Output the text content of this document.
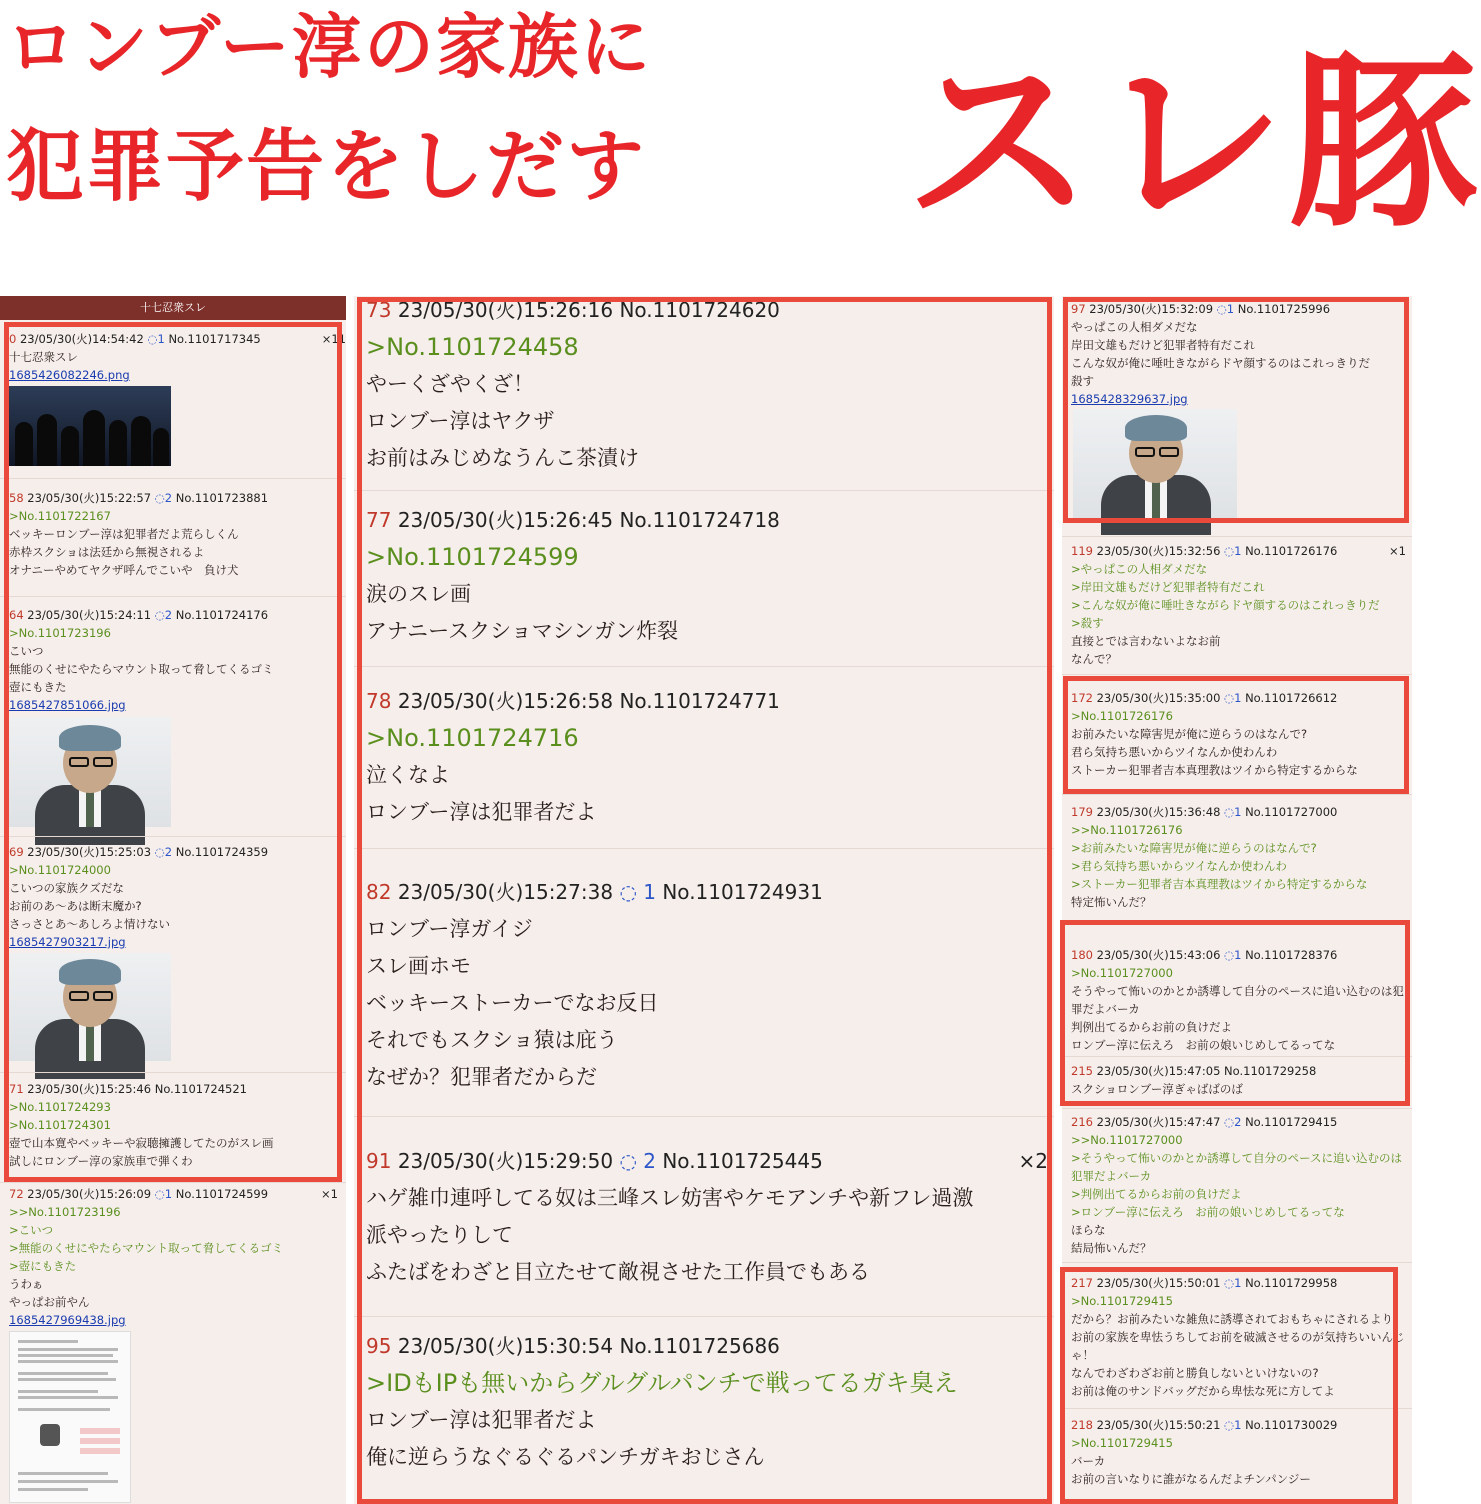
ロンブー淳の家族に
犯罪予告をしだす スレ豚
十七忍衆スレ
0 23/05/30(火)14:54:42 ◌1 No.1101717345	×11
十七忍衆スレ
1685426082246.png
58 23/05/30(火)15:22:57 ◌2 No.1101723881
>No.1101722167
ベッキーロンブー淳は犯罪者だよ荒らしくん
赤枠スクショは法廷から無視されるよ
オナニーやめてヤクザ呼んでこいや　負け犬
64 23/05/30(火)15:24:11 ◌2 No.1101724176
>No.1101723196
こいつ
無能のくせにやたらマウント取って脅してくるゴミ
壺にもきた
1685427851066.jpg
69 23/05/30(火)15:25:03 ◌2 No.1101724359
>No.1101724000
こいつの家族クズだな
お前のあ〜あは断末魔か?
さっさとあ〜あしろよ情けない
1685427903217.jpg
71 23/05/30(火)15:25:46 No.1101724521
>No.1101724293
>No.1101724301
壺で山本寛やベッキーや寂聴擁護してたのがスレ画
試しにロンブー淳の家族車で弾くわ
72 23/05/30(火)15:26:09 ◌1 No.1101724599	×1
>>No.1101723196
>こいつ
>無能のくせにやたらマウント取って脅してくるゴミ
>壺にもきた
うわぁ
やっぱお前やん
1685427969438.jpg
73 23/05/30(火)15:26:16 No.1101724620
>No.1101724458
やーくざやくざ！
ロンブー淳はヤクザ
お前はみじめなうんこ茶漬け
77 23/05/30(火)15:26:45 No.1101724718
>No.1101724599
涙のスレ画
アナニースクショマシンガン炸裂
78 23/05/30(火)15:26:58 No.1101724771
>No.1101724716
泣くなよ
ロンブー淳は犯罪者だよ
82 23/05/30(火)15:27:38 ◌ 1 No.1101724931
ロンブー淳ガイジ
スレ画ホモ
ベッキーストーカーでなお反日
それでもスクショ猿は庇う
なぜか？犯罪者だからだ
91 23/05/30(火)15:29:50 ◌ 2 No.1101725445	×2
ハゲ雑巾連呼してる奴は三峰スレ妨害やケモアンチや新フレ過激
派やったりして
ふたばをわざと目立たせて敵視させた工作員でもある
95 23/05/30(火)15:30:54 No.1101725686
>IDもIPも無いからグルグルパンチで戦ってるガキ臭え
ロンブー淳は犯罪者だよ
俺に逆らうなぐるぐるパンチガキおじさん
97 23/05/30(火)15:32:09 ◌1 No.1101725996
やっぱこの人相ダメだな
岸田文雄もだけど犯罪者特有だこれ
こんな奴が俺に唾吐きながらドヤ顔するのはこれっきりだ
殺す
1685428329637.jpg
119 23/05/30(火)15:32:56 ◌1 No.1101726176	×1
>やっぱこの人相ダメだな
>岸田文雄もだけど犯罪者特有だこれ
>こんな奴が俺に唾吐きながらドヤ顔するのはこれっきりだ
>殺す
直接とでは言わないよなお前
なんで？
172 23/05/30(火)15:35:00 ◌1 No.1101726612
>No.1101726176
お前みたいな障害児が俺に逆らうのはなんで?
君ら気持ち悪いからツイなんか使わんわ
ストーカー犯罪者吉本真理教はツイから特定するからな
179 23/05/30(火)15:36:48 ◌1 No.1101727000
>>No.1101726176
>お前みたいな障害児が俺に逆らうのはなんで?
>君ら気持ち悪いからツイなんか使わんわ
>ストーカー犯罪者吉本真理教はツイから特定するからな
特定怖いんだ？
180 23/05/30(火)15:43:06 ◌1 No.1101728376
>No.1101727000
そうやって怖いのかとか誘導して自分のペースに追い込むのは犯
罪だよバーカ
判例出てるからお前の負けだよ
ロンブー淳に伝えろ　お前の娘いじめしてるってな
215 23/05/30(火)15:47:05 No.1101729258
スクショロンブー淳ぎゃばばのば
216 23/05/30(火)15:47:47 ◌2 No.1101729415
>>No.1101727000
>そうやって怖いのかとか誘導して自分のペースに追い込むのは
犯罪だよバーカ
>判例出てるからお前の負けだよ
>ロンブー淳に伝えろ　お前の娘いじめしてるってな
ほらな
結局怖いんだ？
217 23/05/30(火)15:50:01 ◌1 No.1101729958
>No.1101729415
だから？お前みたいな雑魚に誘導されておもちゃにされるより
お前の家族を卑怯うちしてお前を破滅させるのが気持ちいいんじ
ゃ！
なんでわざわざお前と勝負しないといけないの?
お前は俺のサンドバッグだから卑怯な死に方してよ
218 23/05/30(火)15:50:21 ◌1 No.1101730029
>No.1101729415
バーカ
お前の言いなりに誰がなるんだよチンパンジー
